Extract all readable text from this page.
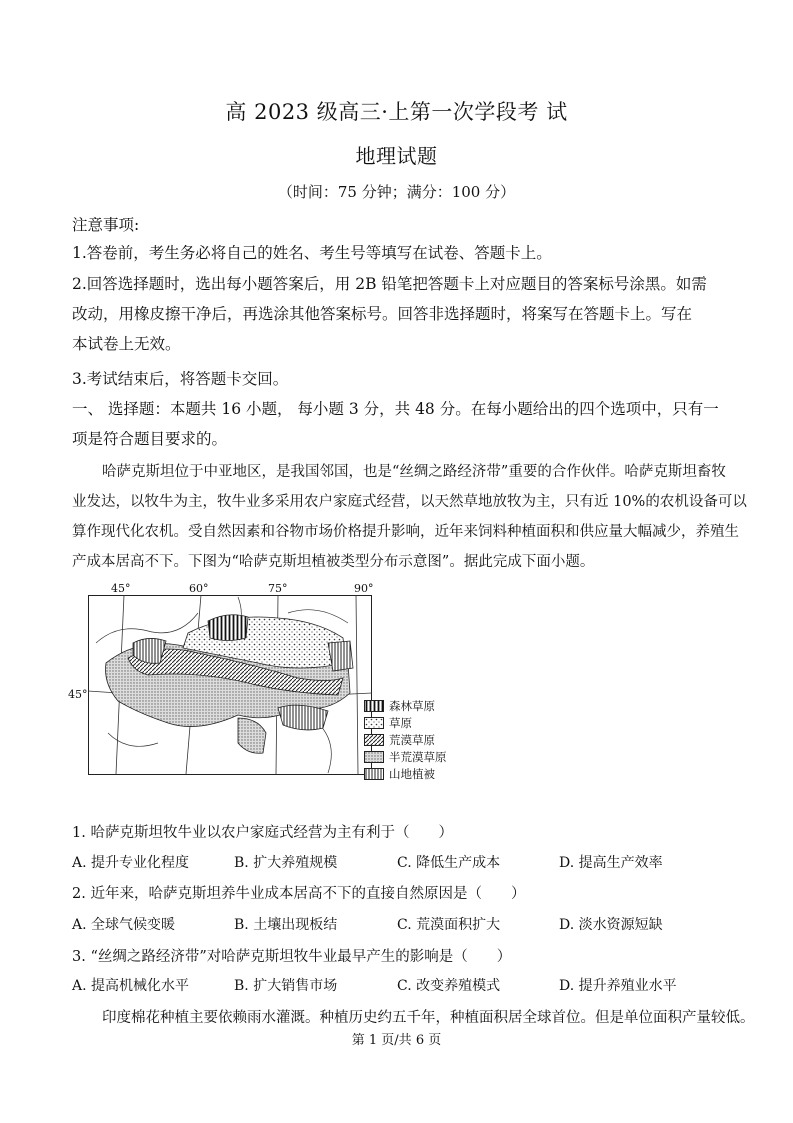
高 2023 级高三·上第一次学段考 试
地理试题
（时间：75 分钟；满分：100 分）
注意事项:
1.答卷前，考生务必将自己的姓名、考生号等填写在试卷、答题卡上。
2.回答选择题时，选出每小题答案后，用 2B 铅笔把答题卡上对应题目的答案标号涂黑。如需
改动，用橡皮擦干净后，再选涂其他答案标号。回答非选择题时，将案写在答题卡上。写在
本试卷上无效。
3.考试结束后，将答题卡交回。
一、 选择题：本题共 16 小题， 每小题 3 分，共 48 分。在每小题给出的四个选项中，只有一
项是符合题目要求的。
哈萨克斯坦位于中亚地区，是我国邻国，也是“丝绸之路经济带”重要的合作伙伴。哈萨克斯坦畜牧
业发达，以牧牛为主，牧牛业多采用农户家庭式经营，以天然草地放牧为主，只有近 10%的农机设备可以
算作现代化农机。受自然因素和谷物市场价格提升影响，近年来饲料种植面积和供应量大幅减少，养殖生
产成本居高不下。下图为“哈萨克斯坦植被类型分布示意图”。据此完成下面小题。
45°	60°	75°	90°
45°
森林草原
草原
荒漠草原
半荒漠草原
山地植被
1. 哈萨克斯坦牧牛业以农户家庭式经营为主有利于（　　）
A. 提升专业化程度	B. 扩大养殖规模	C. 降低生产成本	D. 提高生产效率
2. 近年来，哈萨克斯坦养牛业成本居高不下的直接自然原因是（　　）
A. 全球气候变暖	B. 土壤出现板结	C. 荒漠面积扩大	D. 淡水资源短缺
3. “丝绸之路经济带”对哈萨克斯坦牧牛业最早产生的影响是（　　）
A. 提高机械化水平	B. 扩大销售市场	C. 改变养殖模式	D. 提升养殖业水平
印度棉花种植主要依赖雨水灌溉。种植历史约五千年，种植面积居全球首位。但是单位面积产量较低。
第 1 页/共 6 页
